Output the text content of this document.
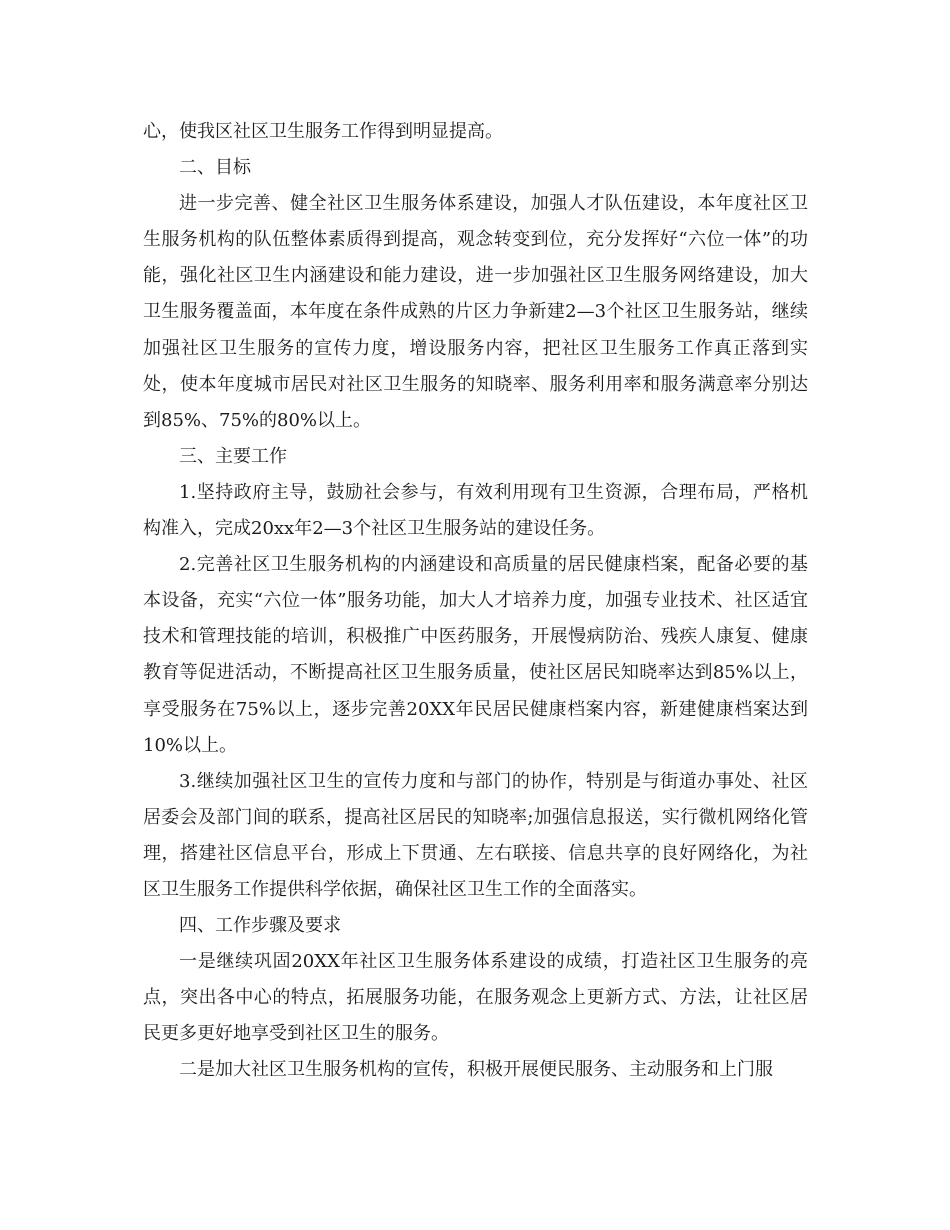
心，使我区社区卫生服务工作得到明显提高。

二、目标

进一步完善、健全社区卫生服务体系建设，加强人才队伍建设，本年度社区卫生服务机构的队伍整体素质得到提高，观念转变到位，充分发挥好“六位一体”的功能，强化社区卫生内涵建设和能力建设，进一步加强社区卫生服务网络建设，加大卫生服务覆盖面，本年度在条件成熟的片区力争新建2—3个社区卫生服务站，继续加强社区卫生服务的宣传力度，增设服务内容，把社区卫生服务工作真正落到实处，使本年度城市居民对社区卫生服务的知晓率、服务利用率和服务满意率分别达到85%、75%的80%以上。

三、主要工作

1.坚持政府主导，鼓励社会参与，有效利用现有卫生资源，合理布局，严格机构准入，完成20xx年2—3个社区卫生服务站的建设任务。

2.完善社区卫生服务机构的内涵建设和高质量的居民健康档案，配备必要的基本设备，充实“六位一体”服务功能，加大人才培养力度，加强专业技术、社区适宜技术和管理技能的培训，积极推广中医药服务，开展慢病防治、残疾人康复、健康教育等促进活动，不断提高社区卫生服务质量，使社区居民知晓率达到85%以上，享受服务在75%以上，逐步完善20XX年民居民健康档案内容，新建健康档案达到10%以上。

3.继续加强社区卫生的宣传力度和与部门的协作，特别是与街道办事处、社区居委会及部门间的联系，提高社区居民的知晓率;加强信息报送，实行微机网络化管理，搭建社区信息平台，形成上下贯通、左右联接、信息共享的良好网络化，为社区卫生服务工作提供科学依据，确保社区卫生工作的全面落实。

四、工作步骤及要求

一是继续巩固20XX年社区卫生服务体系建设的成绩，打造社区卫生服务的亮点，突出各中心的特点，拓展服务功能，在服务观念上更新方式、方法，让社区居民更多更好地享受到社区卫生的服务。

二是加大社区卫生服务机构的宣传，积极开展便民服务、主动服务和上门服
